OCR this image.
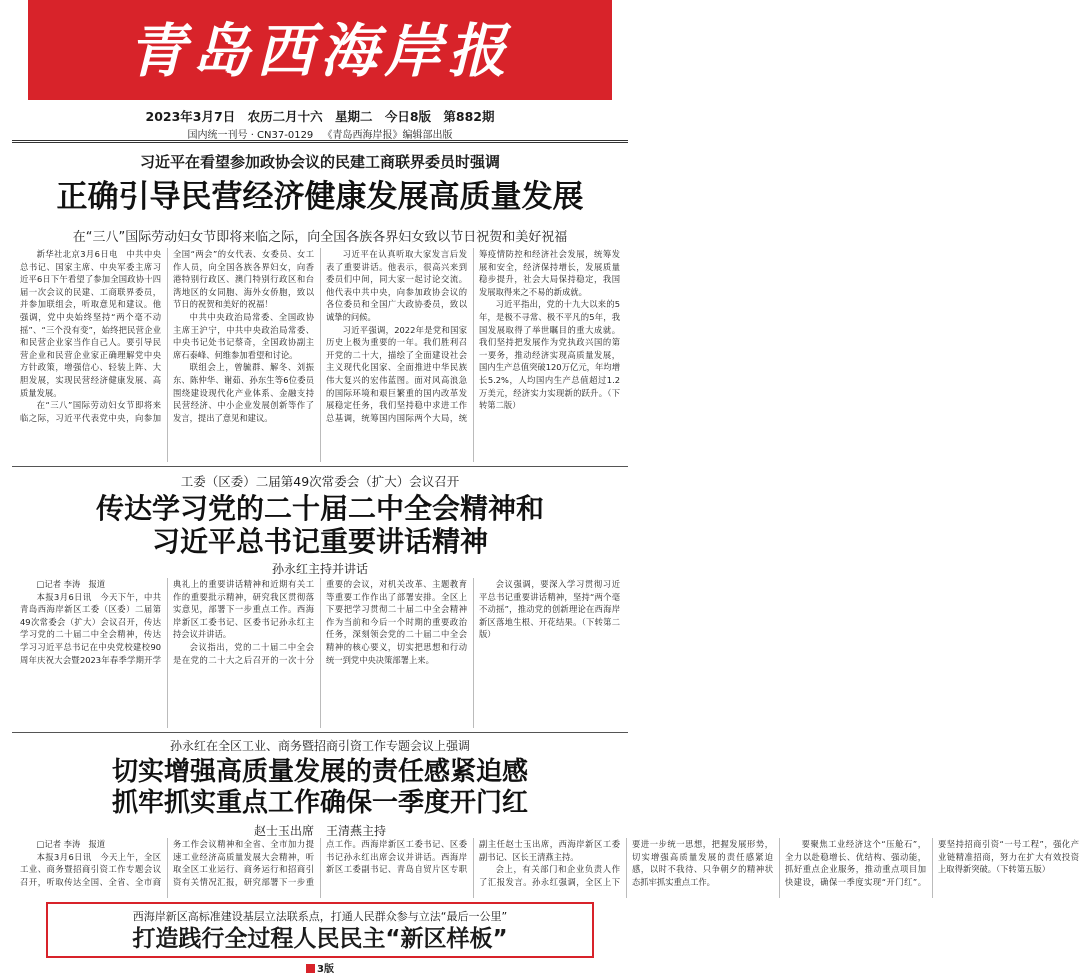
青岛西海岸报
2023年3月7日 农历二月十六 星期二 今日8版 第882期
国内统一刊号 · CN37-0129 《青岛西海岸报》编辑部出版
习近平在看望参加政协会议的民建工商联界委员时强调
正确引导民营经济健康发展高质量发展
在“三八”国际劳动妇女节即将来临之际，向全国各族各界妇女致以节日祝贺和美好祝福

新华社北京3月6日电　中共中央总书记、国家主席、中央军委主席习近平6日下午看望了参加全国政协十四届一次会议的民建、工商联界委员，并参加联组会，听取意见和建议。他强调，党中央始终坚持“两个毫不动摇”、“三个没有变”，始终把民营企业和民营企业家当作自己人。要引导民营企业和民营企业家正确理解党中央方针政策，增强信心、轻装上阵、大胆发展，实现民营经济健康发展、高质量发展。

在“三八”国际劳动妇女节即将来临之际，习近平代表党中央，向参加全国“两会”的女代表、女委员、女工作人员，向全国各族各界妇女，向香港特别行政区、澳门特别行政区和台湾地区的女同胞、海外女侨胞，致以节日的祝贺和美好的祝福！

中共中央政治局常委、全国政协主席王沪宁，中共中央政治局常委、中央书记处书记蔡奇，全国政协副主席石泰峰、何维参加看望和讨论。

联组会上，曾毓群、解冬、刘振东、陈仲华、谢茹、孙东生等6位委员围绕建设现代化产业体系、金融支持民营经济、中小企业发展创新等作了发言，提出了意见和建议。

习近平在认真听取大家发言后发表了重要讲话。他表示，很高兴来到委员们中间，同大家一起讨论交流。他代表中共中央，向参加政协会议的各位委员和全国广大政协委员，致以诚挚的问候。

习近平强调，2022年是党和国家历史上极为重要的一年。我们胜利召开党的二十大，描绘了全面建设社会主义现代化国家、全面推进中华民族伟大复兴的宏伟蓝图。面对风高浪急的国际环境和艰巨繁重的国内改革发展稳定任务，我们坚持稳中求进工作总基调，统筹国内国际两个大局，统筹疫情防控和经济社会发展，统筹发展和安全，经济保持增长，发展质量稳步提升，社会大局保持稳定，我国发展取得来之不易的新成就。

习近平指出，党的十九大以来的5年，是极不寻常、极不平凡的5年，我国发展取得了举世瞩目的重大成就。我们坚持把发展作为党执政兴国的第一要务，推动经济实现高质量发展，国内生产总值突破120万亿元，年均增长5.2%，人均国内生产总值超过1.2万美元，经济实力实现新的跃升。（下转第二版）

工委（区委）二届第49次常委会（扩大）会议召开
传达学习党的二十届二中全会精神和
习近平总书记重要讲话精神
孙永红主持并讲话

□记者 李涛　报道

本报3月6日讯　今天下午，中共青岛西海岸新区工委（区委）二届第49次常委会（扩大）会议召开，传达学习党的二十届二中全会精神，传达学习习近平总书记在中央党校建校90周年庆祝大会暨2023年春季学期开学典礼上的重要讲话精神和近期有关工作的重要批示精神，研究我区贯彻落实意见，部署下一步重点工作。西海岸新区工委书记、区委书记孙永红主持会议并讲话。

会议指出，党的二十届二中全会是在党的二十大之后召开的一次十分重要的会议，对机关改革、主题教育等重要工作作出了部署安排。全区上下要把学习贯彻二十届二中全会精神作为当前和今后一个时期的重要政治任务，深刻领会党的二十届二中全会精神的核心要义，切实把思想和行动统一到党中央决策部署上来。

会议强调，要深入学习贯彻习近平总书记重要讲话精神，坚持“两个毫不动摇”，推动党的创新理论在西海岸新区落地生根、开花结果。（下转第二版）

孙永红在全区工业、商务暨招商引资工作专题会议上强调
切实增强高质量发展的责任感紧迫感
抓牢抓实重点工作确保一季度开门红
赵士玉出席　王清燕主持

□记者 李涛　报道

本报3月6日讯　今天上午，全区工业、商务暨招商引资工作专题会议召开，听取传达全国、全省、全市商务工作会议精神和全省、全市加力提速工业经济高质量发展大会精神，听取全区工业运行、商务运行和招商引资有关情况汇报，研究部署下一步重点工作。西海岸新区工委书记、区委书记孙永红出席会议并讲话。西海岸新区工委副书记、青岛自贸片区专职副主任赵士玉出席，西海岸新区工委副书记、区长王清燕主持。

会上，有关部门和企业负责人作了汇报发言。孙永红强调，全区上下要进一步统一思想，把握发展形势，切实增强高质量发展的责任感紧迫感，以时不我待、只争朝夕的精神状态抓牢抓实重点工作。

要聚焦工业经济这个“压舱石”，全力以赴稳增长、优结构、强动能，抓好重点企业服务，推动重点项目加快建设，确保一季度实现“开门红”。要坚持招商引资“一号工程”，强化产业链精准招商，努力在扩大有效投资上取得新突破。（下转第五版）

西海岸新区高标准建设基层立法联系点，打通人民群众参与立法“最后一公里”
打造践行全过程人民民主“新区样板”
3版
